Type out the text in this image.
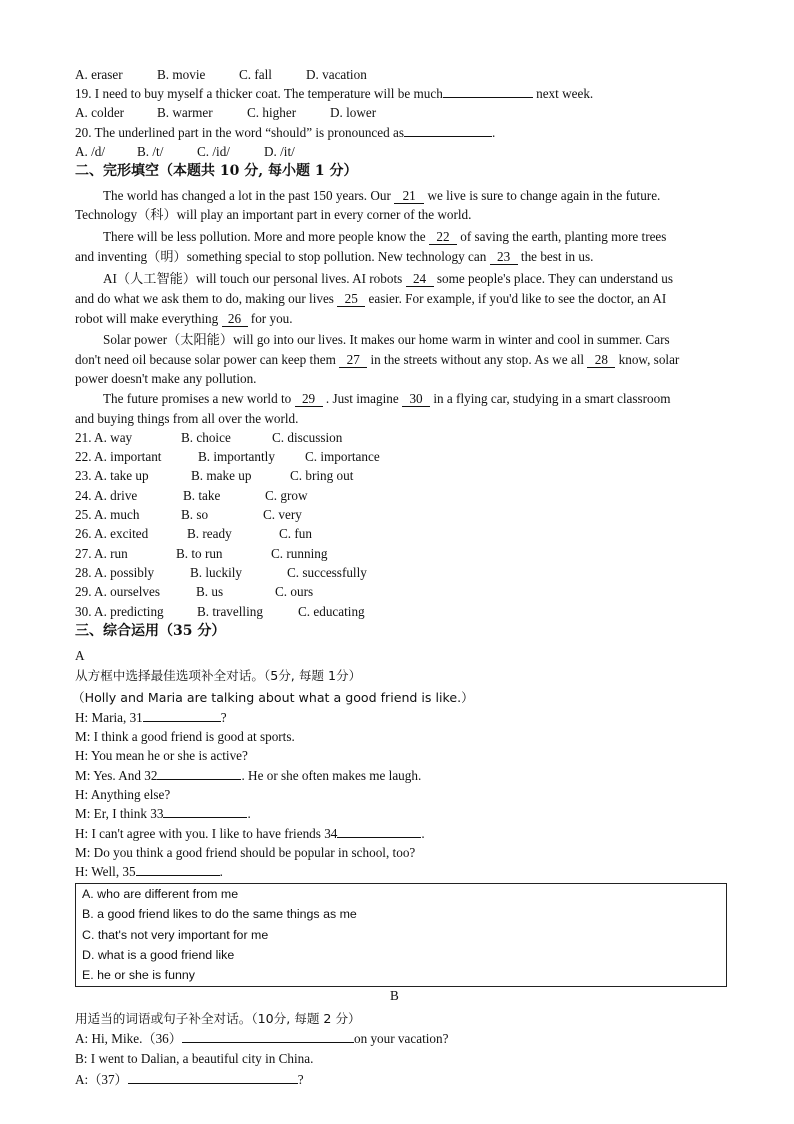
A. eraser	B. movie	C. fall	D. vacation
19. I need to buy myself a thicker coat. The temperature will be much	next week.
A. colder B. warmer	C. higher	D. lower
20. The underlined part in the word “should” is pronounced as	.
A. /d/ B. /t/	C. /id/	D. /it/
二、完形填空（本题共 10 分, 每小题 1 分）
The world has changed a lot in the past 150 years. Our 21 we live is sure to change again in the future.
Technology（科）will play an important part in every corner of the world.
There will be less pollution. More and more people know the 22 of saving the earth, planting more trees
and inventing（明）something special to stop pollution. New technology can 23 the best in us.
AI（人工智能）will touch our personal lives. AI robots 24 some people's place. They can understand us
and do what we ask them to do, making our lives 25 easier. For example, if you'd like to see the doctor, an AI
robot will make everything 26 for you.
Solar power（太阳能）will go into our lives. It makes our home warm in winter and cool in summer. Cars
don't need oil because solar power can keep them 27 in the streets without any stop. As we all 28 know, solar
power doesn't make any pollution.
The future promises a new world to 29 . Just imagine 30 in a flying car, studying in a smart classroom
and buying things from all over the world.
21. A. way	B. choice	C. discussion
22. A. important	B. importantly C. importance
23. A. take up	B. make up	C. bring out
24. A. drive	B. take	C. grow
25. A. much	B. so	C. very
26. A. excited	B. ready	C. fun
27. A. run	B. to run	C. running
28. A. possibly	B. luckily	C. successfully
29. A. ourselves	B. us	C. ours
30. A. predicting	B. travelling	C. educating
三、综合运用（35 分）
A
从方框中选择最佳选项补全对话。（5分, 每题 1分）
（Holly and Maria are talking about what a good friend is like.）
H: Maria, 31	?
M: I think a good friend is good at sports.
H: You mean he or she is active?
M: Yes. And 32	. He or she often makes me laugh.
H: Anything else?
M: Er, I think 33	.
H: I can't agree with you. I like to have friends 34	.
M: Do you think a good friend should be popular in school, too?
H: Well, 35	.
A. who are different from me
B. a good friend likes to do the same things as me
C. that's not very important for me
D. what is a good friend like
E. he or she is funny
B
用适当的词语或句子补全对话。（10分, 每题 2 分）
A: Hi, Mike.（36）	on your vacation?
B: I went to Dalian, a beautiful city in China.
A:（37）	?
